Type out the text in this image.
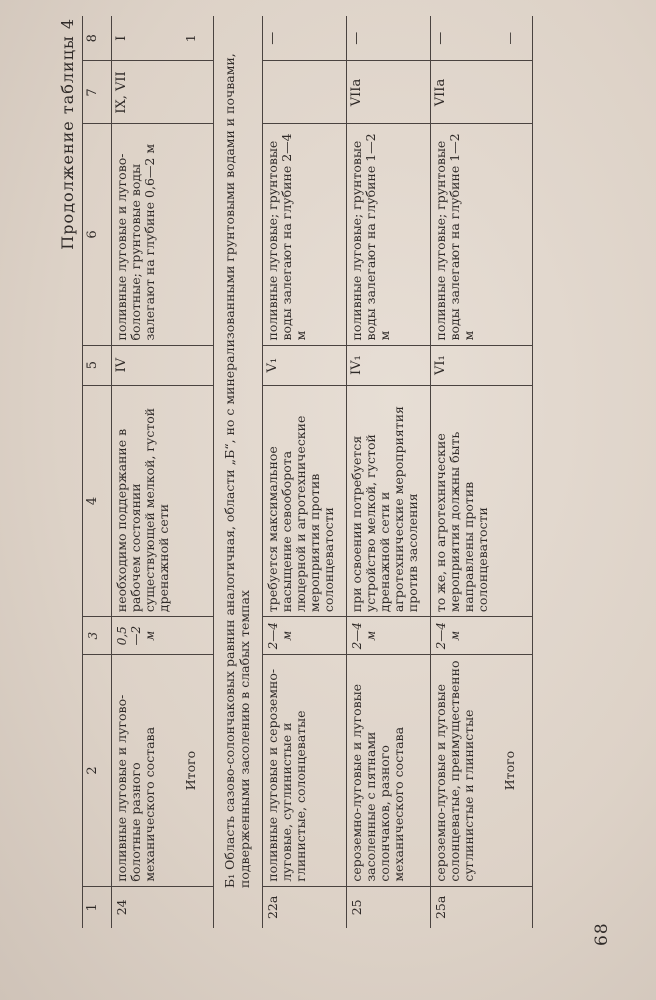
68
Продолжение таблицы 4
1	2	3	4	5	6	7	8
24	поливные луговые и лугово-болотные разного механического состава	0,5 —2 м	необходимо поддержание в рабочем состоянии существующей мелкой, густой дренажной сети	IV	поливные луговые и лугово-болотные; грунтовые воды залегают на глубине 0,6—2 м	IX, VII	I
	Итого						1
Б₁ Область сазово-солончаковых равнин аналогичная, области „Б“, но с минерализованными грунтовыми водами и почвами, подверженными засолению в слабых темпах							
22а	поливные луговые и сероземно-луговые, суглинистые и глинистые, солонцеватые	2—4 м	требуется максимальное насыщение севооборота люцерной и агротехнические мероприятия против солонцеватости	V₁	поливные луговые; грунтовые воды залегают на глубине 2—4 м		—
25	сероземно-луговые и луговые засоленные с пятнами солончаков, разного механического состава	2—4 м	при освоении потребуется устройство мелкой, густой дренажной сети и агротехнические мероприятия против засоления	IV₁	поливные луговые; грунтовые воды залегают на глубине 1—2 м	VIIа	—
25а	сероземно-луговые и луговые солонцеватые, преимущественно суглинистые и глинистые	2—4 м	то же, но агротехнические мероприятия должны быть направлены против солонцеватости	VI₁	поливные луговые; грунтовые воды залегают на глубине 1—2 м	VIIа	—
	Итого						—
